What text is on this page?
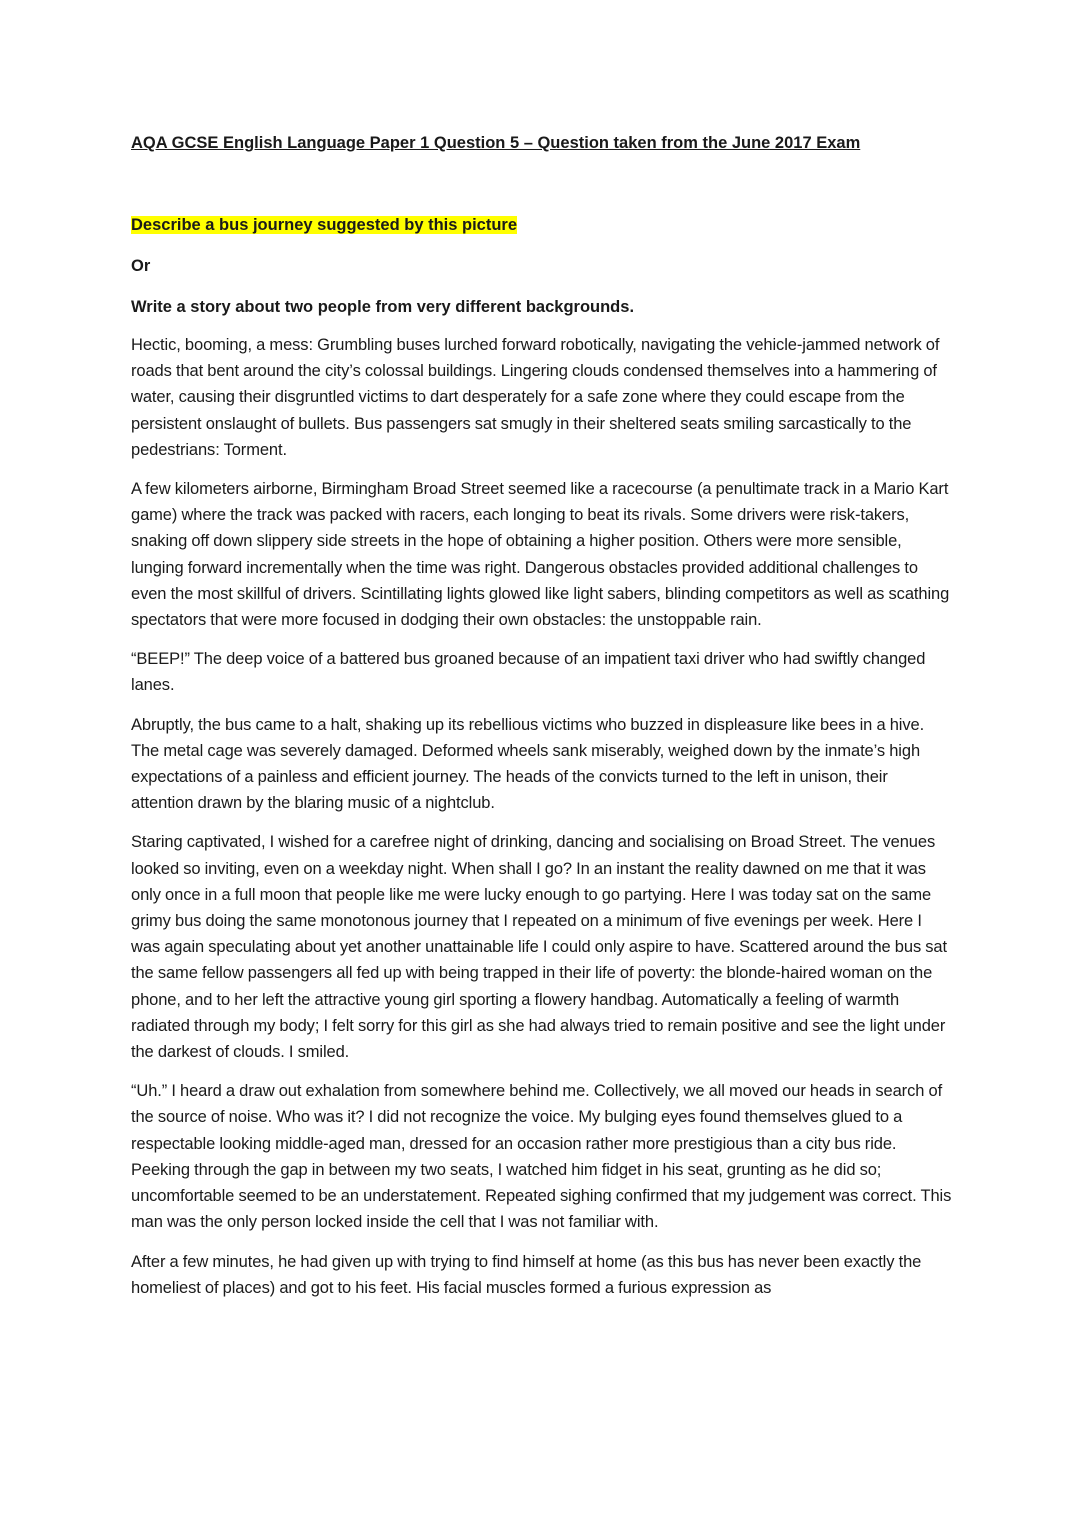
AQA GCSE English Language Paper 1 Question 5 – Question taken from the June 2017 Exam

Describe a bus journey suggested by this picture

Or

Write a story about two people from very different backgrounds.

Hectic, booming, a mess: Grumbling buses lurched forward robotically, navigating the vehicle-jammed network of roads that bent around the city’s colossal buildings. Lingering clouds condensed themselves into a hammering of water, causing their disgruntled victims to dart desperately for a safe zone where they could escape from the persistent onslaught of bullets. Bus passengers sat smugly in their sheltered seats smiling sarcastically to the pedestrians: Torment.

A few kilometers airborne, Birmingham Broad Street seemed like a racecourse (a penultimate track in a Mario Kart game) where the track was packed with racers, each longing to beat its rivals. Some drivers were risk-takers, snaking off down slippery side streets in the hope of obtaining a higher position. Others were more sensible, lunging forward incrementally when the time was right. Dangerous obstacles provided additional challenges to even the most skillful of drivers. Scintillating lights glowed like light sabers, blinding competitors as well as scathing spectators that were more focused in dodging their own obstacles: the unstoppable rain.

“BEEP!” The deep voice of a battered bus groaned because of an impatient taxi driver who had swiftly changed lanes.

Abruptly, the bus came to a halt, shaking up its rebellious victims who buzzed in displeasure like bees in a hive. The metal cage was severely damaged. Deformed wheels sank miserably, weighed down by the inmate’s high expectations of a painless and efficient journey. The heads of the convicts turned to the left in unison, their attention drawn by the blaring music of a nightclub.

Staring captivated, I wished for a carefree night of drinking, dancing and socialising on Broad Street. The venues looked so inviting, even on a weekday night. When shall I go? In an instant the reality dawned on me that it was only once in a full moon that people like me were lucky enough to go partying. Here I was today sat on the same grimy bus doing the same monotonous journey that I repeated on a minimum of five evenings per week. Here I was again speculating about yet another unattainable life I could only aspire to have. Scattered around the bus sat the same fellow passengers all fed up with being trapped in their life of poverty: the blonde-haired woman on the phone, and to her left the attractive young girl sporting a flowery handbag. Automatically a feeling of warmth radiated through my body; I felt sorry for this girl as she had always tried to remain positive and see the light under the darkest of clouds. I smiled.

“Uh.” I heard a draw out exhalation from somewhere behind me. Collectively, we all moved our heads in search of the source of noise. Who was it? I did not recognize the voice. My bulging eyes found themselves glued to a respectable looking middle-aged man, dressed for an occasion rather more prestigious than a city bus ride. Peeking through the gap in between my two seats, I watched him fidget in his seat, grunting as he did so; uncomfortable seemed to be an understatement. Repeated sighing confirmed that my judgement was correct. This man was the only person locked inside the cell that I was not familiar with.

After a few minutes, he had given up with trying to find himself at home (as this bus has never been exactly the homeliest of places) and got to his feet. His facial muscles formed a furious expression as
